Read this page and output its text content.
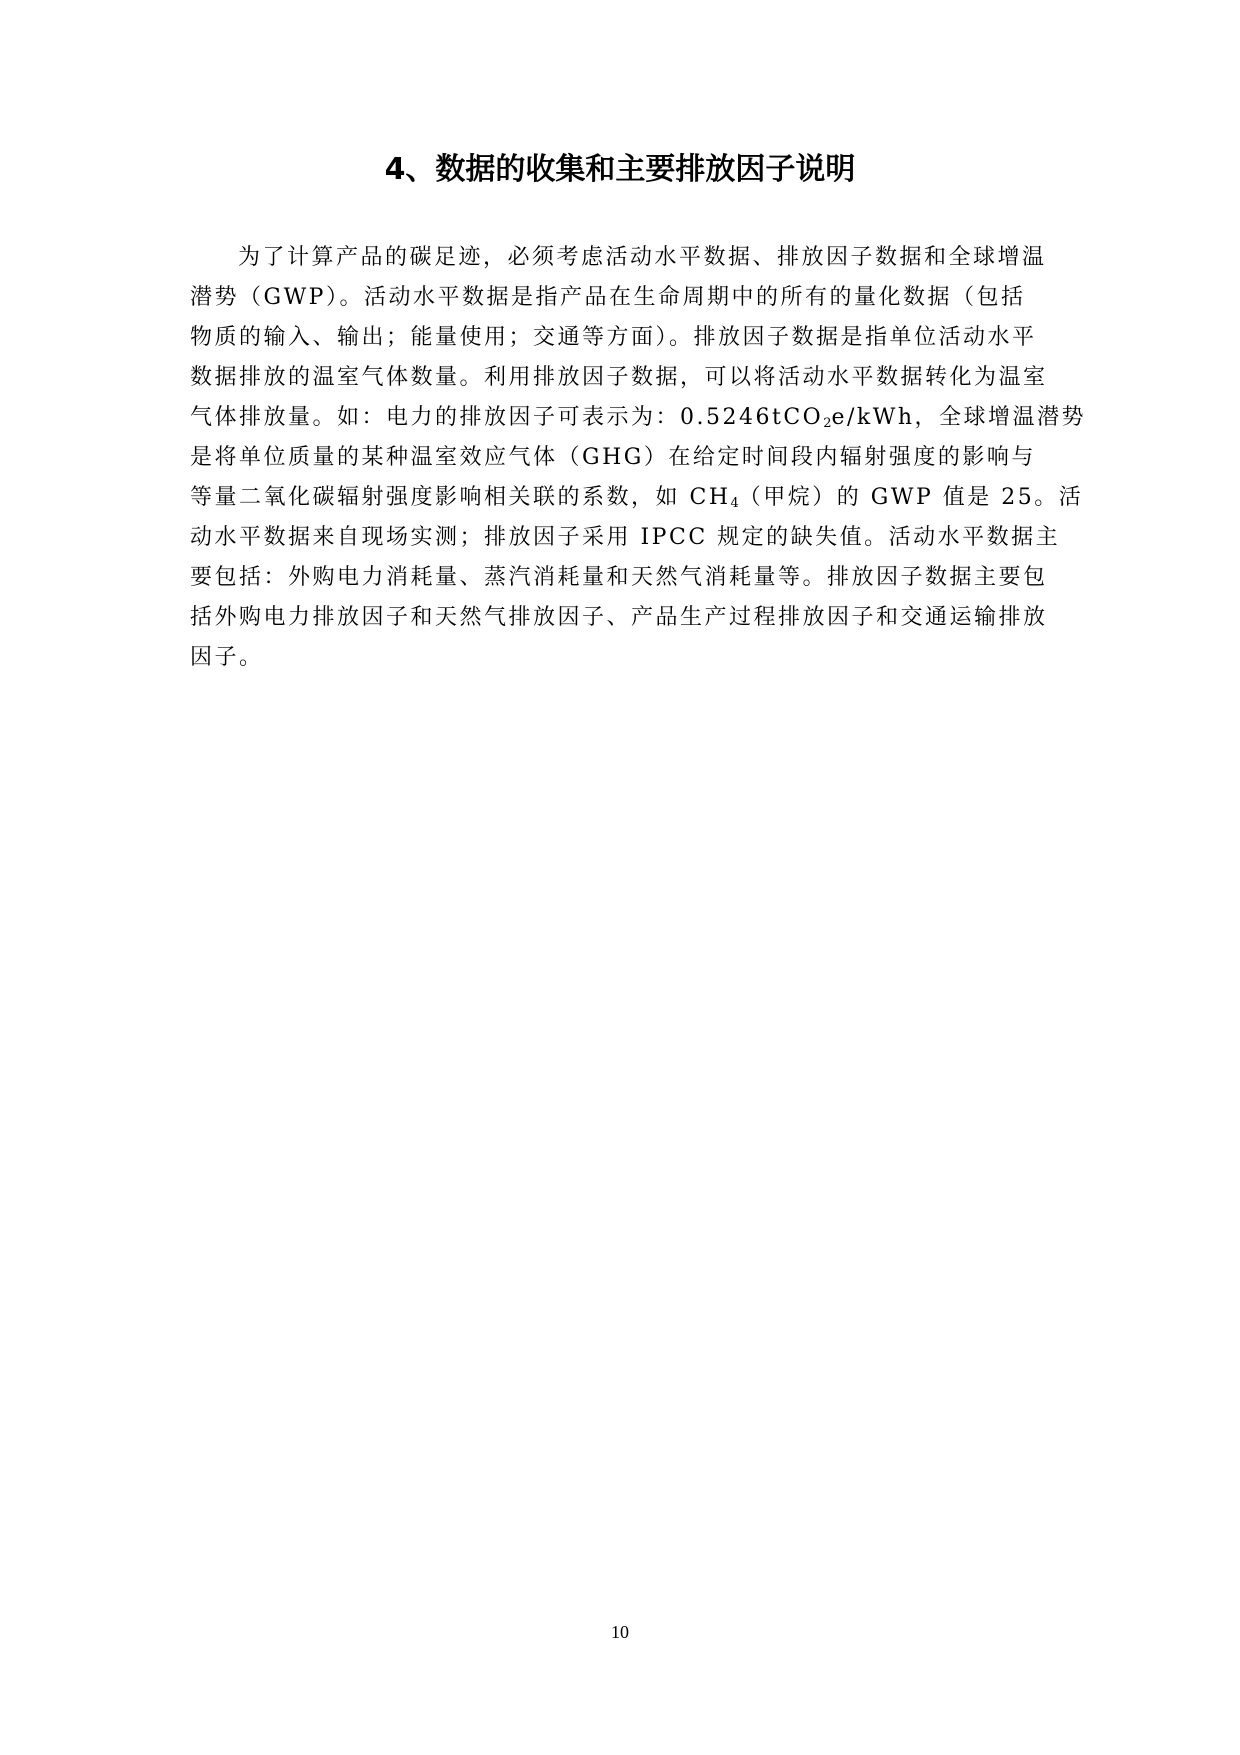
4、数据的收集和主要排放因子说明
为了计算产品的碳足迹，必须考虑活动水平数据、排放因子数据和全球增温
潜势（GWP）。活动水平数据是指产品在生命周期中的所有的量化数据（包括
物质的输入、输出；能量使用；交通等方面）。排放因子数据是指单位活动水平
数据排放的温室气体数量。利用排放因子数据，可以将活动水平数据转化为温室
气体排放量。如：电力的排放因子可表示为：0.5246tCO$_2$e/kWh，全球增温潜势
是将单位质量的某种温室效应气体（GHG）在给定时间段内辐射强度的影响与
等量二氧化碳辐射强度影响相关联的系数，如 $CH_4$（甲烷）的 GWP 值是 25。活
动水平数据来自现场实测；排放因子采用 IPCC 规定的缺失值。活动水平数据主
要包括：外购电力消耗量、蒸汽消耗量和天然气消耗量等。排放因子数据主要包
括外购电力排放因子和天然气排放因子、产品生产过程排放因子和交通运输排放
因子。
10
